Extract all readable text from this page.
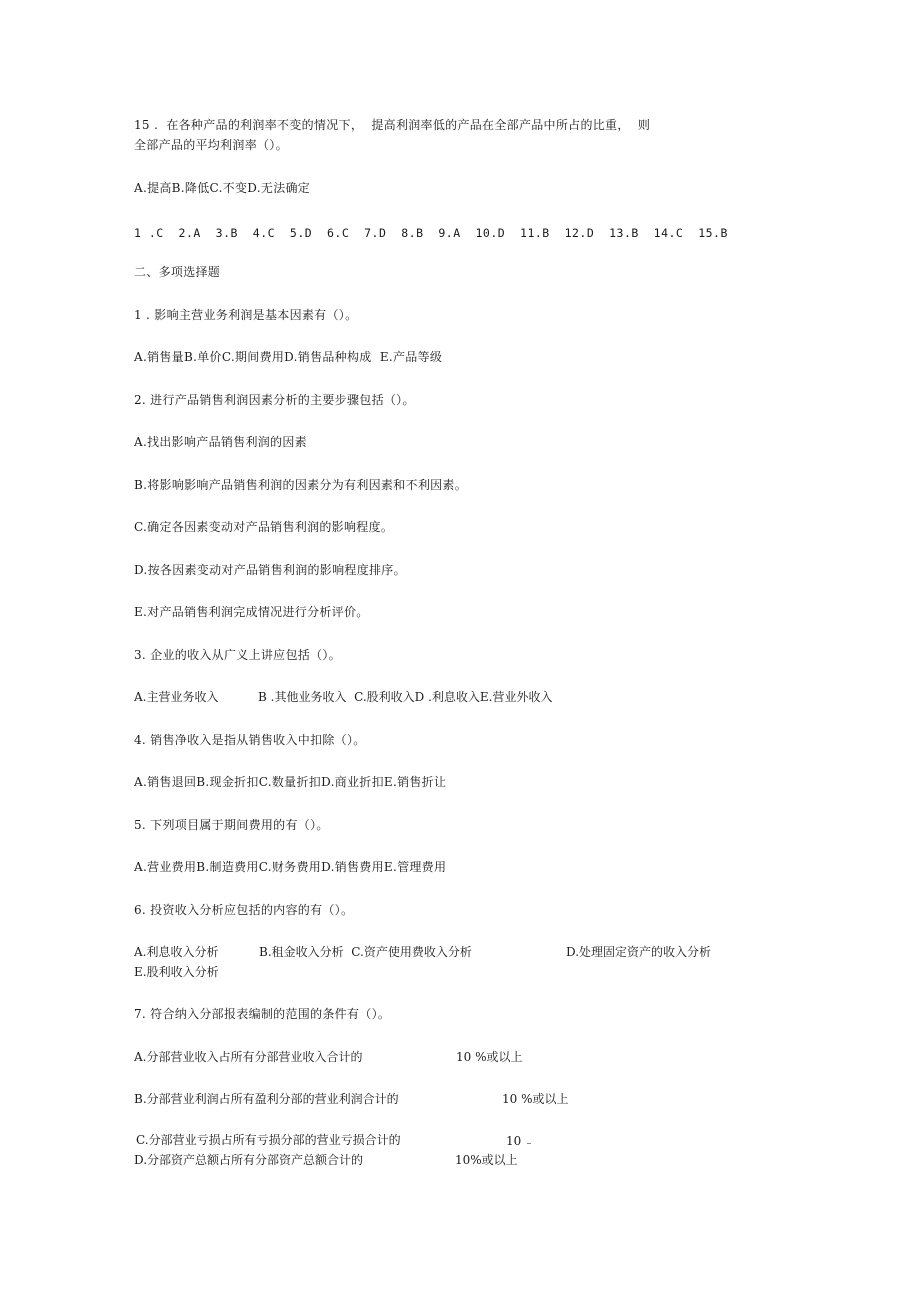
15 .  在各种产品的利润率不变的情况下，  提高利润率低的产品在全部产品中所占的比重，  则
全部产品的平均利润率（）。
A.提高B.降低C.不变D.无法确定
1 .C  2.A  3.B  4.C  5.D  6.C  7.D  8.B  9.A  10.D  11.B  12.D  13.B  14.C  15.B
二、多项选择题
1 . 影响主营业务利润是基本因素有（）。
A.销售量B.单价C.期间费用D.销售品种构成  E.产品等级
2. 进行产品销售利润因素分析的主要步骤包括（）。
A.找出影响产品销售利润的因素
B.将影响影响产品销售利润的因素分为有利因素和不利因素。
C.确定各因素变动对产品销售利润的影响程度。
D.按各因素变动对产品销售利润的影响程度排序。
E.对产品销售利润完成情况进行分析评价。
3. 企业的收入从广义上讲应包括（）。
A.主营业务收入	B .其他业务收入  C.股利收入D .利息收入E.营业外收入
4. 销售净收入是指从销售收入中扣除（）。
A.销售退回B.现金折扣C.数量折扣D.商业折扣E.销售折让
5. 下列项目属于期间费用的有（）。
A.营业费用B.制造费用C.财务费用D.销售费用E.管理费用
6. 投资收入分析应包括的内容的有（）。
A.利息收入分析	B.租金收入分析  C.资产使用费收入分析	D.处理固定资产的收入分析
E.股利收入分析
7. 符合纳入分部报表编制的范围的条件有（）。
A.分部营业收入占所有分部营业收入合计的	10 %或以上
B.分部营业利润占所有盈利分部的营业利润合计的	10 %或以上
C.分部营业亏损占所有亏损分部的营业亏损合计的	10
D.分部资产总额占所有分部资产总额合计的	10%或以上
